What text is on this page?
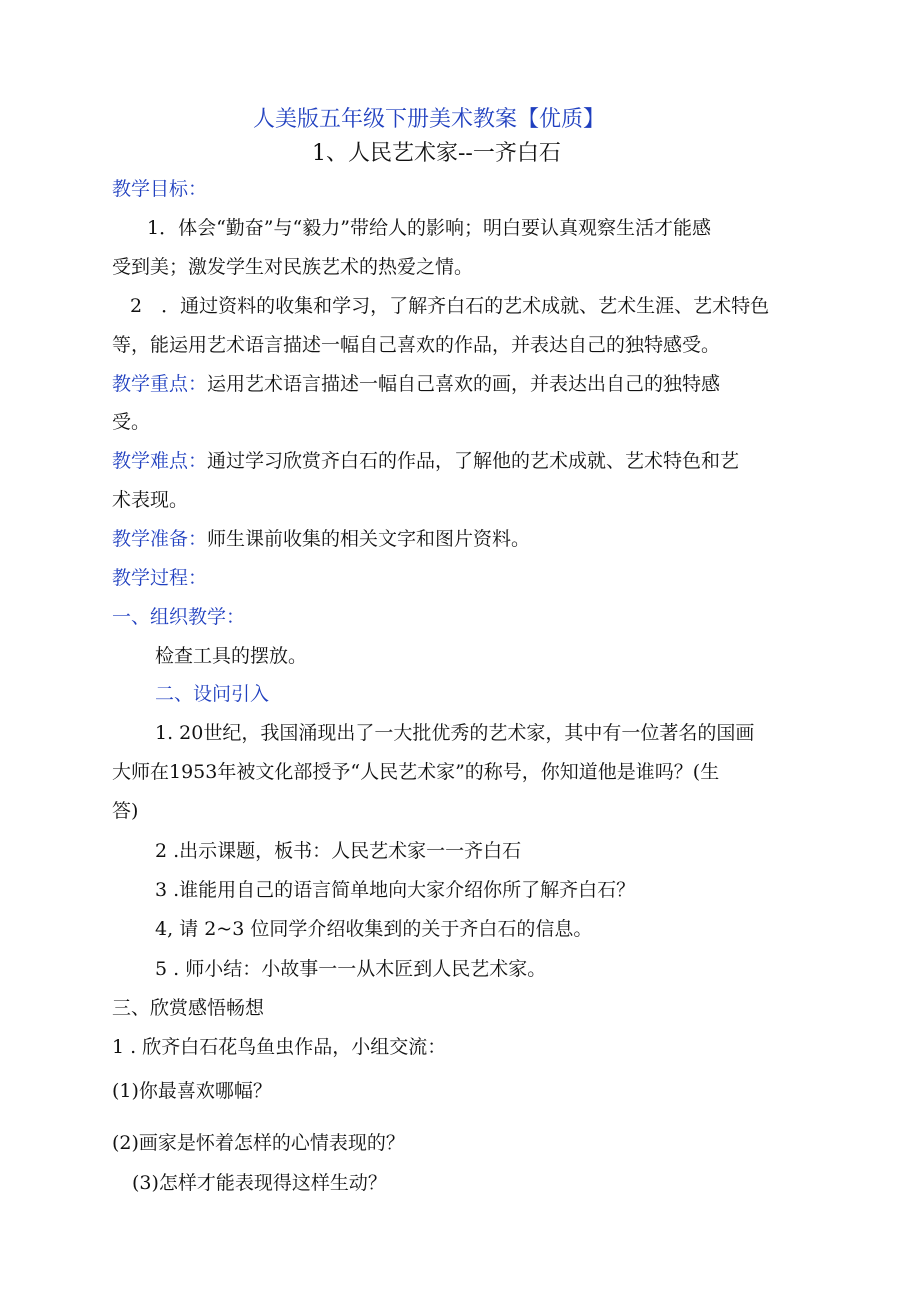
人美版五年级下册美术教案【优质】
1、人民艺术家--一齐白石
教学目标：
1．体会“勤奋”与“毅力”带给人的影响；明白要认真观察生活才能感
受到美；激发学生对民族艺术的热爱之情。
2　．通过资料的收集和学习，了解齐白石的艺术成就、艺术生涯、艺术特色
等，能运用艺术语言描述一幅自己喜欢的作品，并表达自己的独特感受。
教学重点：运用艺术语言描述一幅自己喜欢的画，并表达出自己的独特感
受。
教学难点：通过学习欣赏齐白石的作品，了解他的艺术成就、艺术特色和艺
术表现。
教学准备：师生课前收集的相关文字和图片资料。
教学过程：
一、组织教学：
检查工具的摆放。
二、设问引入
1. 20世纪，我国涌现出了一大批优秀的艺术家，其中有一位著名的国画
大师在1953年被文化部授予“人民艺术家”的称号，你知道他是谁吗？(生
答)
2 .出示课题，板书：人民艺术家一一齐白石
3 .谁能用自己的语言简单地向大家介绍你所了解齐白石？
4, 请 2~3 位同学介绍收集到的关于齐白石的信息。
5 . 师小结：小故事一一从木匠到人民艺术家。
三、欣赏感悟畅想
1 . 欣齐白石花鸟鱼虫作品，小组交流：
(1)你最喜欢哪幅？
(2)画家是怀着怎样的心情表现的？
(3)怎样才能表现得这样生动？
